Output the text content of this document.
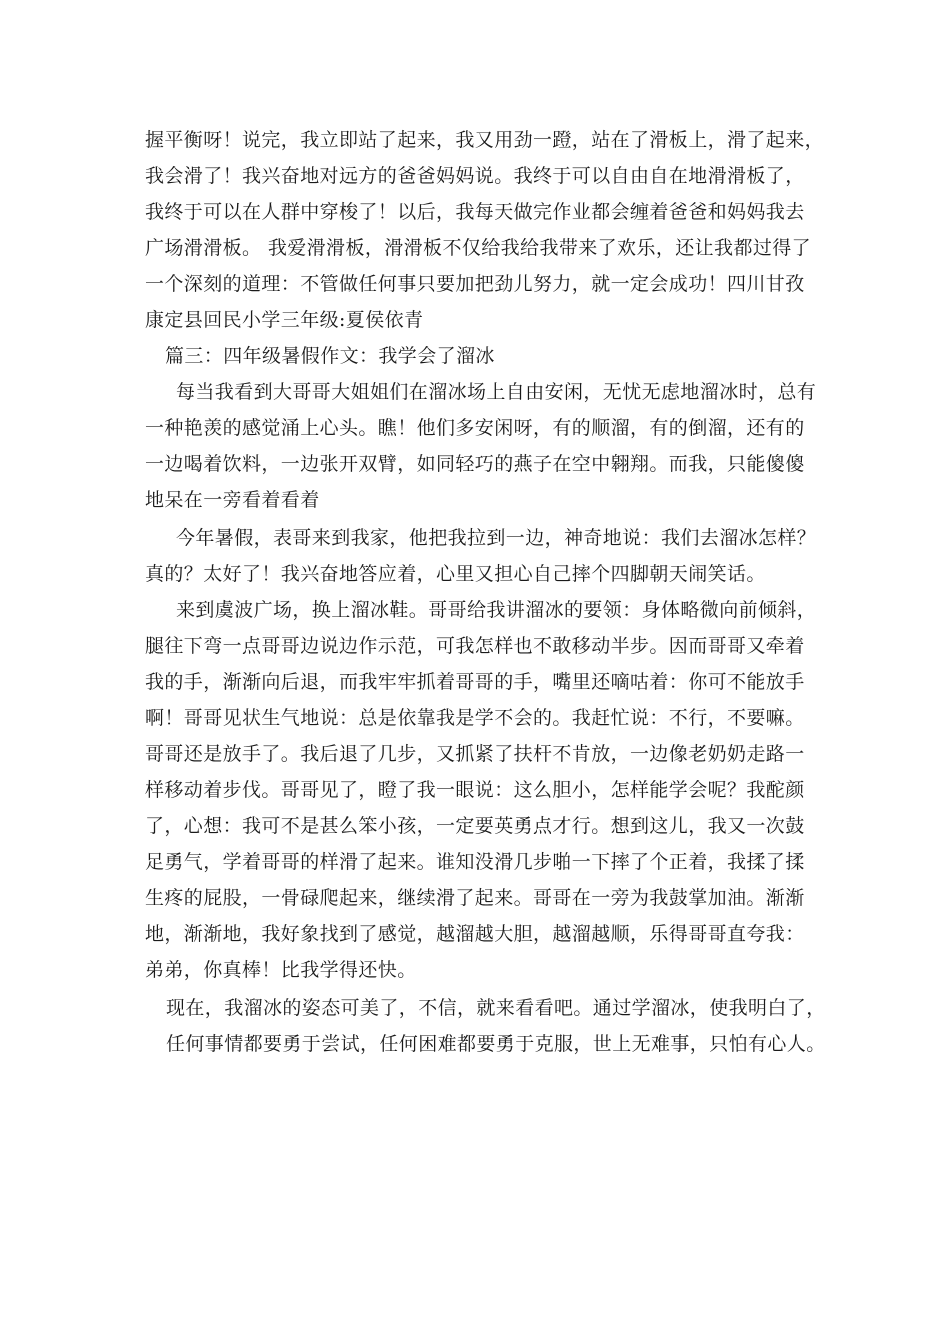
握平衡呀！说完，我立即站了起来，我又用劲一蹬，站在了滑板上，滑了起来，
我会滑了！我兴奋地对远方的爸爸妈妈说。我终于可以自由自在地滑滑板了，
我终于可以在人群中穿梭了！以后，我每天做完作业都会缠着爸爸和妈妈我去
广场滑滑板。 我爱滑滑板，滑滑板不仅给我给我带来了欢乐，还让我都过得了
一个深刻的道理：不管做任何事只要加把劲儿努力，就一定会成功！四川甘孜
康定县回民小学三年级:夏侯依青
篇三：四年级暑假作文：我学会了溜冰
每当我看到大哥哥大姐姐们在溜冰场上自由安闲，无忧无虑地溜冰时，总有
一种艳羡的感觉涌上心头。瞧！他们多安闲呀，有的顺溜，有的倒溜，还有的
一边喝着饮料，一边张开双臂，如同轻巧的燕子在空中翱翔。而我，只能傻傻
地呆在一旁看着看着
今年暑假，表哥来到我家，他把我拉到一边，神奇地说：我们去溜冰怎样？
真的？太好了！我兴奋地答应着，心里又担心自己摔个四脚朝天闹笑话。
来到虞波广场，换上溜冰鞋。哥哥给我讲溜冰的要领：身体略微向前倾斜，
腿往下弯一点哥哥边说边作示范，可我怎样也不敢移动半步。因而哥哥又牵着
我的手，渐渐向后退，而我牢牢抓着哥哥的手，嘴里还嘀咕着：你可不能放手
啊！哥哥见状生气地说：总是依靠我是学不会的。我赶忙说：不行，不要嘛。
哥哥还是放手了。我后退了几步，又抓紧了扶杆不肯放，一边像老奶奶走路一
样移动着步伐。哥哥见了，瞪了我一眼说：这么胆小，怎样能学会呢？我酡颜
了，心想：我可不是甚么笨小孩，一定要英勇点才行。想到这儿，我又一次鼓
足勇气，学着哥哥的样滑了起来。谁知没滑几步啪一下摔了个正着，我揉了揉
生疼的屁股，一骨碌爬起来，继续滑了起来。哥哥在一旁为我鼓掌加油。渐渐
地，渐渐地，我好象找到了感觉，越溜越大胆，越溜越顺，乐得哥哥直夸我：
弟弟，你真棒！比我学得还快。
现在，我溜冰的姿态可美了，不信，就来看看吧。通过学溜冰，使我明白了，
任何事情都要勇于尝试，任何困难都要勇于克服，世上无难事，只怕有心人。
